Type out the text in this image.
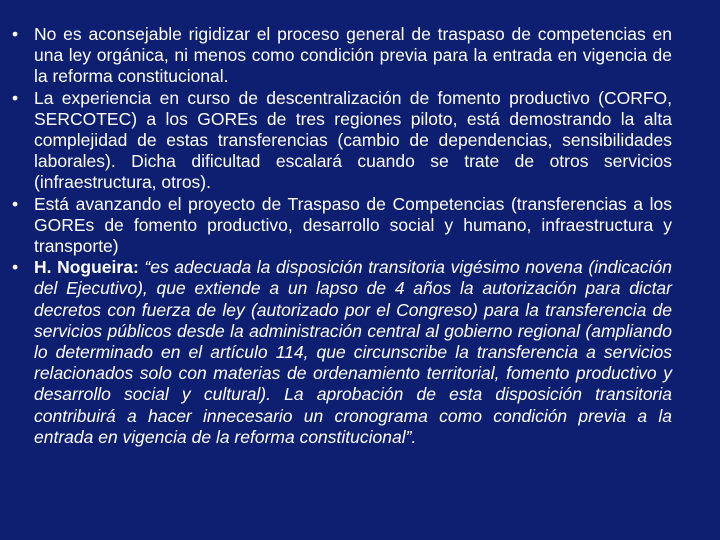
• No es aconsejable rigidizar el proceso general de traspaso de competencias en una ley orgánica, ni menos como condición previa para la entrada en vigencia de la reforma constitucional.
• La experiencia en curso de descentralización de fomento productivo (CORFO, SERCOTEC) a los GOREs de tres regiones piloto, está demostrando la alta complejidad de estas transferencias (cambio de dependencias, sensibilidades laborales). Dicha dificultad escalará cuando se trate de otros servicios (infraestructura, otros).
• Está avanzando el proyecto de Traspaso de Competencias (transferencias a los GOREs de fomento productivo, desarrollo social y humano, infraestructura y transporte)
• H. Nogueira: “es adecuada la disposición transitoria vigésimo novena (indicación del Ejecutivo), que extiende a un lapso de 4 años la autorización para dictar decretos con fuerza de ley (autorizado por el Congreso) para la transferencia de servicios públicos desde la administración central al gobierno regional (ampliando lo determinado en el artículo 114, que circunscribe la transferencia a servicios relacionados solo con materias de ordenamiento territorial, fomento productivo y desarrollo social y cultural). La aprobación de esta disposición transitoria contribuirá a hacer innecesario un cronograma como condición previa a la entrada en vigencia de la reforma constitucional”.
